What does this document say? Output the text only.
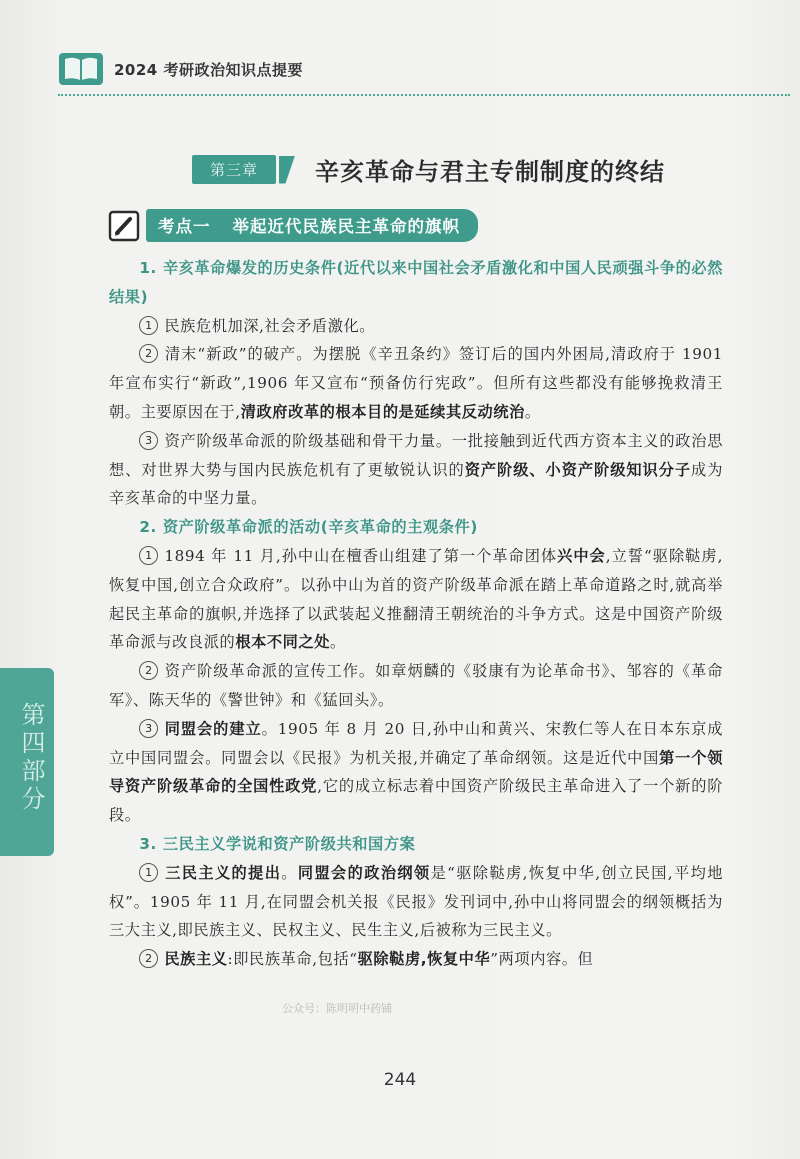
2024 考研政治知识点提要
第三章	辛亥革命与君主专制制度的终结
考点一 举起近代民族民主革命的旗帜

1. 辛亥革命爆发的历史条件(近代以来中国社会矛盾激化和中国人民顽强斗争的必然结果)

1 民族危机加深,社会矛盾激化。

2 清末“新政”的破产。为摆脱《辛丑条约》签订后的国内外困局,清政府于 1901 年宣布实行“新政”,1906 年又宣布“预备仿行宪政”。但所有这些都没有能够挽救清王朝。主要原因在于,清政府改革的根本目的是延续其反动统治。

3 资产阶级革命派的阶级基础和骨干力量。一批接触到近代西方资本主义的政治思想、对世界大势与国内民族危机有了更敏锐认识的资产阶级、小资产阶级知识分子成为辛亥革命的中坚力量。

2. 资产阶级革命派的活动(辛亥革命的主观条件)

1 1894 年 11 月,孙中山在檀香山组建了第一个革命团体兴中会,立誓“驱除鞑虏,恢复中国,创立合众政府”。以孙中山为首的资产阶级革命派在踏上革命道路之时,就高举起民主革命的旗帜,并选择了以武装起义推翻清王朝统治的斗争方式。这是中国资产阶级革命派与改良派的根本不同之处。

2 资产阶级革命派的宣传工作。如章炳麟的《驳康有为论革命书》、邹容的《革命军》、陈天华的《警世钟》和《猛回头》。

3 同盟会的建立。1905 年 8 月 20 日,孙中山和黄兴、宋教仁等人在日本东京成立中国同盟会。同盟会以《民报》为机关报,并确定了革命纲领。这是近代中国第一个领导资产阶级革命的全国性政党,它的成立标志着中国资产阶级民主革命进入了一个新的阶段。

3. 三民主义学说和资产阶级共和国方案

1 三民主义的提出。同盟会的政治纲领是“驱除鞑虏,恢复中华,创立民国,平均地权”。1905 年 11 月,在同盟会机关报《民报》发刊词中,孙中山将同盟会的纲领概括为三大主义,即民族主义、民权主义、民生主义,后被称为三民主义。

2 民族主义:即民族革命,包括“驱除鞑虏,恢复中华”两项内容。但

第四部分
公众号：陈明明中药铺
244
